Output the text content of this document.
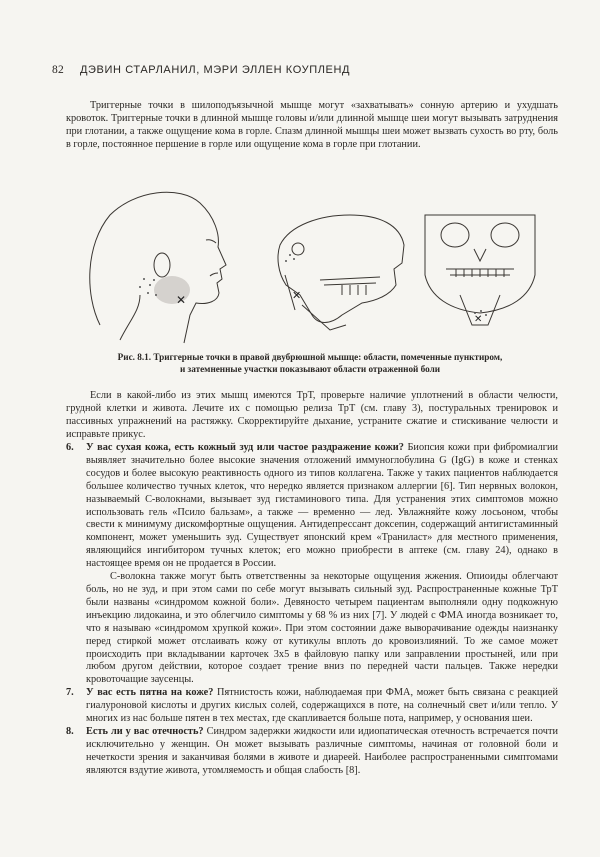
82 ДЭВИН СТАРЛАНИЛ, МЭРИ ЭЛЛЕН КОУПЛЕНД

Триггерные точки в шилоподъязычной мышце могут «захватывать» сонную артерию и ухудшать кровоток. Триггерные точки в длинной мышце головы и/или длинной мышце шеи могут вызывать затруднения при глотании, а также ощущение кома в горле. Спазм длинной мышцы шеи может вызвать сухость во рту, боль в горле, постоянное першение в горле или ощущение кома в горле при глотании.

✕	✕
✕
Рис. 8.1. Триггерные точки в правой двубрюшной мышце: области, помеченные пунктиром,
и затемненные участки показывают области отраженной боли

Если в какой-либо из этих мышц имеются ТрТ, проверьте наличие уплотнений в области челюсти, грудной клетки и живота. Лечите их с помощью релиза ТрТ (см. главу 3), постуральных тренировок и пассивных упражнений на растяжку. Скорректируйте дыхание, устраните сжатие и стискивание челюсти и исправьте прикус.

6. У вас сухая кожа, есть кожный зуд или частое раздражение кожи? Биопсия кожи при фибромиалгии выявляет значительно более высокие значения отложений иммуноглобулина G (IgG) в коже и стенках сосудов и более высокую реактивность одного из типов коллагена. Также у таких пациентов наблюдается большее количество тучных клеток, что нередко является признаком аллергии [6]. Тип нервных волокон, называемый С-волокнами, вызывает зуд гистаминового типа. Для устранения этих симптомов можно использовать гель «Псило бальзам», а также — временно — лед. Увлажняйте кожу лосьоном, чтобы свести к минимуму дискомфортные ощущения. Антидепрессант доксепин, содержащий антигистаминный компонент, может уменьшить зуд. Существует японский крем «Транилаcт» для местного применения, являющийся ингибитором тучных клеток; его можно приобрести в аптеке (см. главу 24), однако в настоящее время он не продается в России.

С-волокна также могут быть ответственны за некоторые ощущения жжения. Опиоиды облегчают боль, но не зуд, и при этом сами по себе могут вызывать сильный зуд. Распространенные кожные ТрТ были названы «синдромом кожной боли». Девяносто четырем пациентам выполняли одну подкожную инъекцию лидокаина, и это облегчило симптомы у 68 % из них [7]. У людей с ФМА иногда возникает то, что я называю «синдромом хрупкой кожи». При этом состоянии даже выворачивание одежды наизнанку перед стиркой может отслаивать кожу от кутикулы вплоть до кровоизлияний. То же самое может происходить при вкладывании карточек 3x5 в файловую папку или заправлении простыней, или при любом другом действии, которое создает трение вниз по передней части пальцев. Также нередки кровоточащие заусенцы.

7. У вас есть пятна на коже? Пятнистость кожи, наблюдаемая при ФМА, может быть связана с реакцией гиалуроновой кислоты и других кислых солей, содержащихся в поте, на солнечный свет и/или тепло. У многих из нас больше пятен в тех местах, где скапливается больше пота, например, у основания шеи.

8. Есть ли у вас отечность? Синдром задержки жидкости или идиопатическая отечность встречается почти исключительно у женщин. Он может вызывать различные симптомы, начиная от головной боли и нечеткости зрения и заканчивая болями в животе и диареей. Наиболее распространенными симптомами являются вздутие живота, утомляемость и общая слабость [8].
